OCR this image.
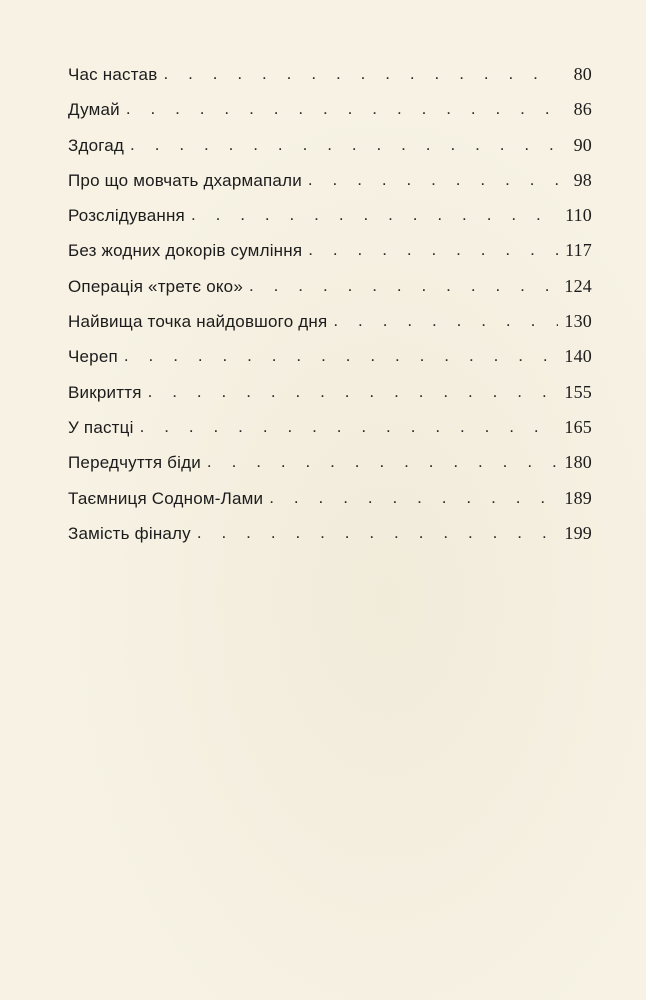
Час настав . . .	80
Думай . . .	86
Здогад . . .	90
Про що мовчать дхармапали . . .	98
Розслідування . . .	110
Без жодних докорів сумління . . .	117
Операція «третє око» . . .	124
Найвища точка найдовшого дня . . .	130
Череп . . .	140
Викриття . . .	155
У пастці . . .	165
Передчуття біди . . .	180
Таємниця Содном-Лами . . .	189
Замість фіналу . . .	199
